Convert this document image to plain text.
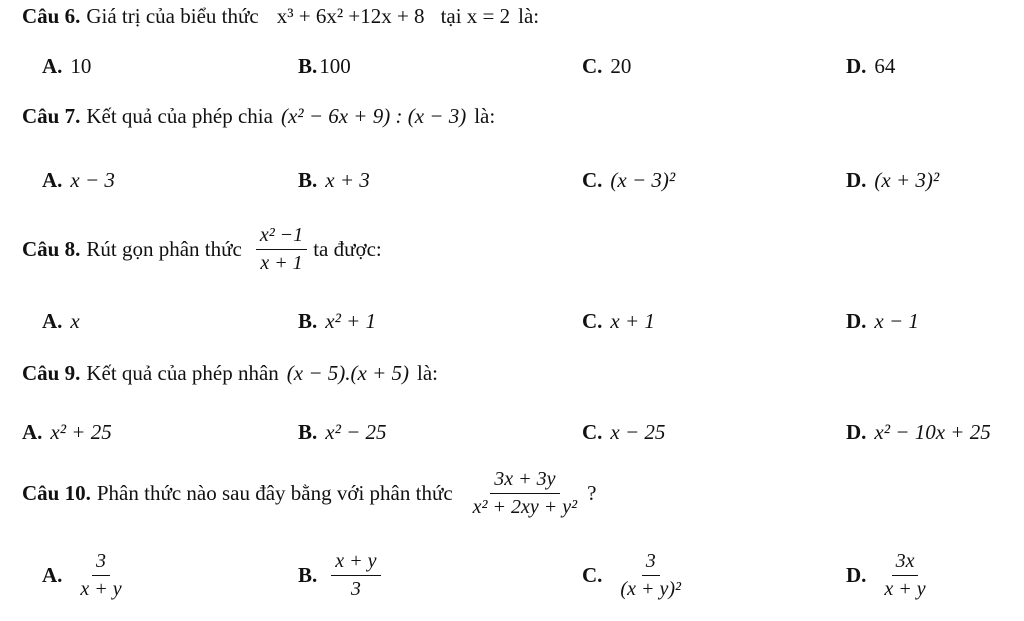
Câu 6. Giá trị của biểu thức x³ + 6x² +12x + 8 tại x = 2 là:
A. 10	B. 100	C. 20	D. 64
Câu 7. Kết quả của phép chia (x² − 6x + 9) : (x − 3) là:
A. x − 3	B. x + 3	C. (x − 3)²	D. (x + 3)²
Câu 8. Rút gọn phân thức $\frac{\text{x² −1}}{x + 1}$ ta được:
A. x	B. x² + 1	C. x + 1	D. x − 1
Câu 9. Kết quả của phép nhân (x − 5).(x + 5) là:
A. x² + 25	B. x² − 25	C. x − 25	D. x² − 10x + 25
Câu 10. Phân thức nào sau đây bằng với phân thức $\frac{3x + 3y}{\text{x² + 2xy + y²}}$ ?
A. $\frac{3}{x + y}$	B. $\frac{x + y}{3}$	C. $\frac{3}{\text{(x + y)²}}$	D. $\frac{3x}{x + y}$
